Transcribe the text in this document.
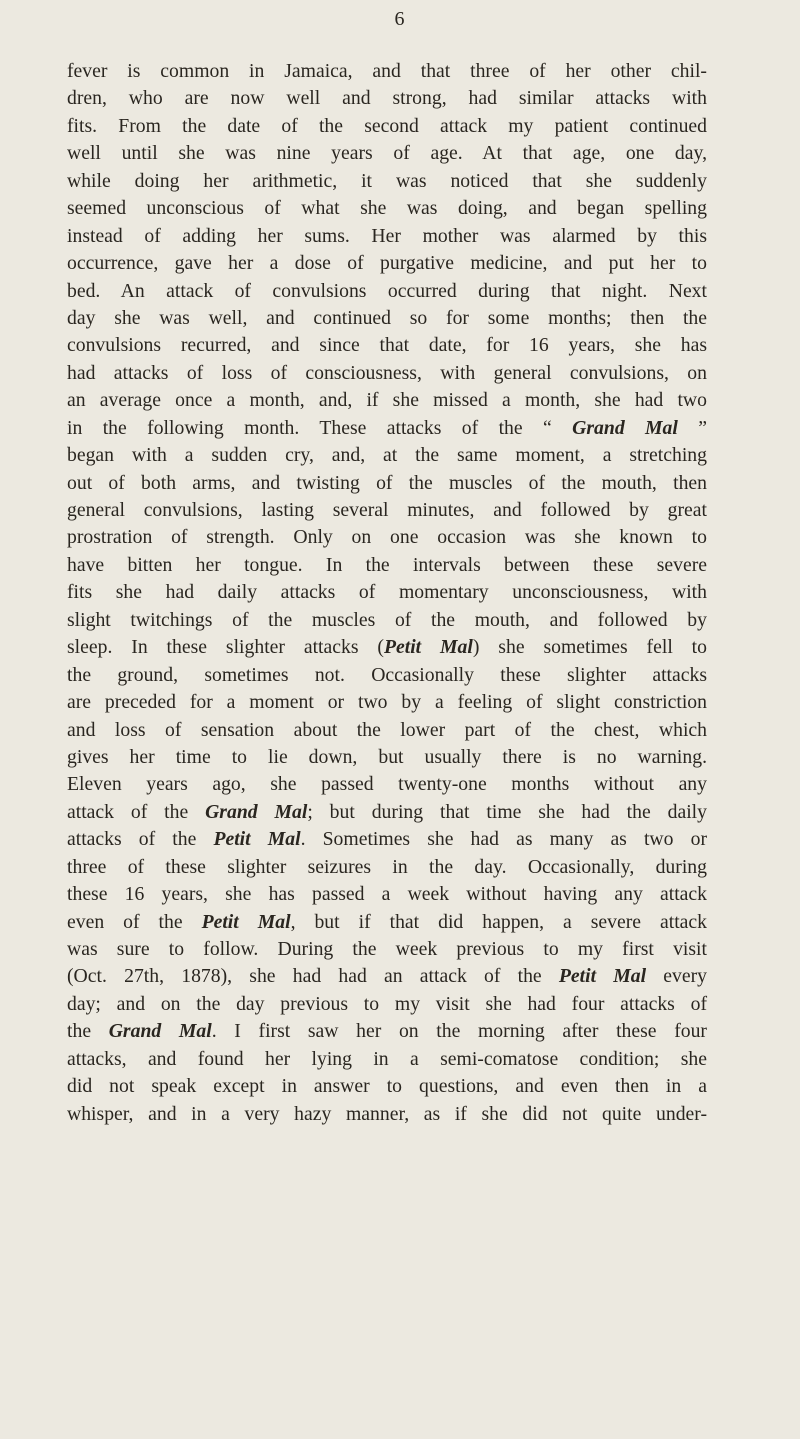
6
fever is common in Jamaica, and that three of her other chil-
dren, who are now well and strong, had similar attacks with
fits. From the date of the second attack my patient continued
well until she was nine years of age. At that age, one day,
while doing her arithmetic, it was noticed that she suddenly
seemed unconscious of what she was doing, and began spelling
instead of adding her sums. Her mother was alarmed by this
occurrence, gave her a dose of purgative medicine, and put her to
bed. An attack of convulsions occurred during that night. Next
day she was well, and continued so for some months; then the
convulsions recurred, and since that date, for 16 years, she has
had attacks of loss of consciousness, with general convulsions, on
an average once a month, and, if she missed a month, she had two
in the following month. These attacks of the “ Grand Mal ”
began with a sudden cry, and, at the same moment, a stretching
out of both arms, and twisting of the muscles of the mouth, then
general convulsions, lasting several minutes, and followed by great
prostration of strength. Only on one occasion was she known to
have bitten her tongue. In the intervals between these severe
fits she had daily attacks of momentary unconsciousness, with
slight twitchings of the muscles of the mouth, and followed by
sleep. In these slighter attacks (Petit Mal) she sometimes fell to
the ground, sometimes not. Occasionally these slighter attacks
are preceded for a moment or two by a feeling of slight constriction
and loss of sensation about the lower part of the chest, which
gives her time to lie down, but usually there is no warning.
Eleven years ago, she passed twenty-one months without any
attack of the Grand Mal; but during that time she had the daily
attacks of the Petit Mal. Sometimes she had as many as two or
three of these slighter seizures in the day. Occasionally, during
these 16 years, she has passed a week without having any attack
even of the Petit Mal, but if that did happen, a severe attack
was sure to follow. During the week previous to my first visit
(Oct. 27th, 1878), she had had an attack of the Petit Mal every
day; and on the day previous to my visit she had four attacks of
the Grand Mal. I first saw her on the morning after these four
attacks, and found her lying in a semi-comatose condition; she
did not speak except in answer to questions, and even then in a
whisper, and in a very hazy manner, as if she did not quite under-
